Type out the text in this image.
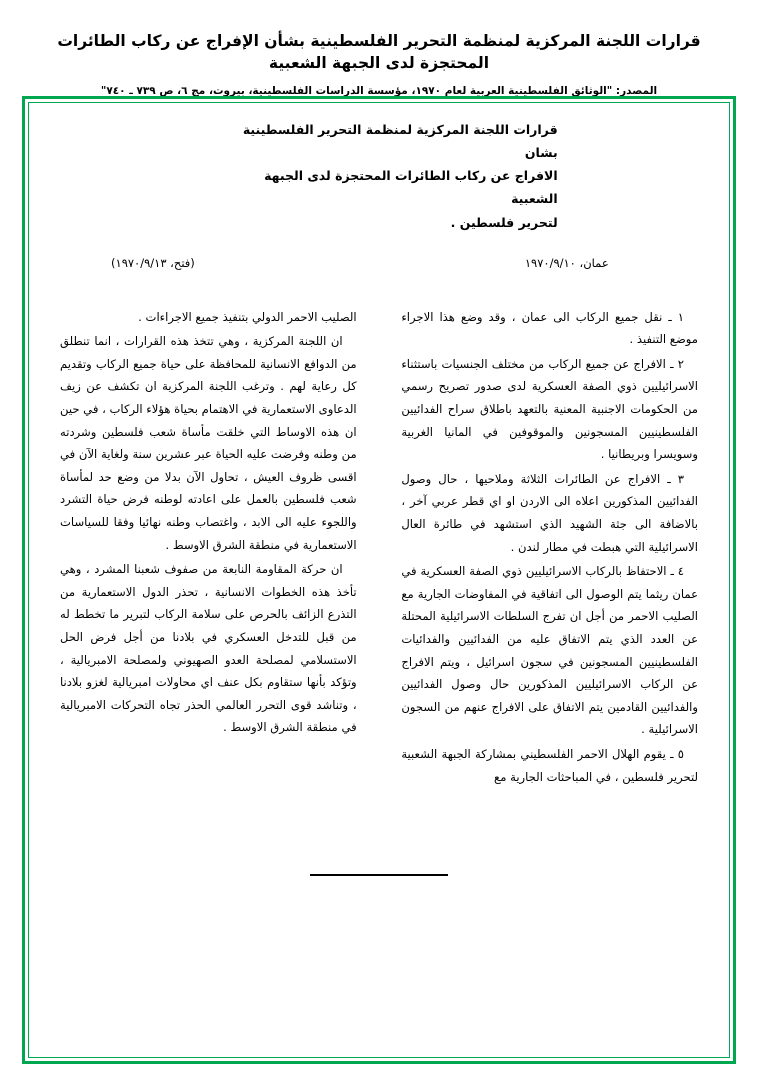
قرارات اللجنة المركزية لمنظمة التحرير الفلسطينية بشأن الإفراج عن ركاب الطائرات المحتجزة لدى الجبهة الشعبية
المصدر: "الوثائق الفلسطينية العربية لعام ١٩٧٠، مؤسسة الدراسات الفلسطينية، بيروت، مج ٦، ص ٧٣٩ ـ ٧٤٠"
قرارات اللجنة المركزية لمنظمة التحرير الفلسطينية بشان
الافراج عن ركاب الطائرات المحتجزة لدى الجبهة الشعبية
لتحرير فلسطين .
عمان، ١٩٧٠/٩/١٠
(فتح، ١٩٧٠/٩/١٣)

١ ـ نقل جميع الركاب الى عمان ، وقد وضع هذا الاجراء موضع التنفيذ .

٢ ـ الافراج عن جميع الركاب من مختلف الجنسيات باستثناء الاسرائيليين ذوي الصفة العسكرية لدى صدور تصريح رسمي من الحكومات الاجنبية المعنية بالتعهد باطلاق سراح الفدائيين الفلسطينيين المسجونين والموقوفين في المانيا الغربية وسويسرا وبريطانيا .

٣ ـ الافراج عن الطائرات الثلاثة وملاحيها ، حال وصول الفدائيين المذكورين اعلاه الى الاردن او اي قطر عربي آخر ، بالاضافة الى جثة الشهيد الذي استشهد في طائرة العال الاسرائيلية التي هبطت في مطار لندن .

٤ ـ الاحتفاظ بالركاب الاسرائيليين ذوي الصفة العسكرية في عمان ريثما يتم الوصول الى اتفاقية في المفاوضات الجارية مع الصليب الاحمر من أجل ان تفرج السلطات الاسرائيلية المحتلة عن العدد الذي يتم الاتفاق عليه من الفدائيين والفدائيات الفلسطينيين المسجونين في سجون اسرائيل ، ويتم الافراج عن الركاب الاسرائيليين المذكورين حال وصول الفدائيين والفدائيين القادمين يتم الاتفاق على الافراج عنهم من السجون الاسرائيلية .

٥ ـ يقوم الهلال الاحمر الفلسطيني بمشاركة الجبهة الشعبية لتحرير فلسطين ، في المباحثات الجارية مع

الصليب الاحمر الدولي بتنفيذ جميع الاجراءات .

ان اللجنة المركزية ، وهي تتخذ هذه القرارات ، انما تنطلق من الدوافع الانسانية للمحافظة على حياة جميع الركاب وتقديم كل رعاية لهم . وترغب اللجنة المركزية ان تكشف عن زيف الدعاوى الاستعمارية في الاهتمام بحياة هؤلاء الركاب ، في حين ان هذه الاوساط التي خلقت مأساة شعب فلسطين وشردته من وطنه وفرضت عليه الحياة عبر عشرين سنة ولغاية الآن في اقسى ظروف العيش ، تحاول الآن بدلا من وضع حد لمأساة شعب فلسطين بالعمل على اعادته لوطنه فرض حياة التشرد واللجوء عليه الى الابد ، واغتصاب وطنه نهائيا وفقا للسياسات الاستعمارية في منطقة الشرق الاوسط .

ان حركة المقاومة النابعة من صفوف شعبنا المشرد ، وهي تأخذ هذه الخطوات الانسانية ، تحذر الدول الاستعمارية من التذرع الزائف بالحرص على سلامة الركاب لتبرير ما تخطط له من قبل للتدخل العسكري في بلادنا من أجل فرض الحل الاستسلامي لمصلحة العدو الصهيوني ولمصلحة الامبريالية ، وتؤكد بأنها ستقاوم بكل عنف اي محاولات امبريالية لغزو بلادنا ، وتناشد قوى التحرر العالمي الحذر تجاه التحركات الامبريالية في منطقة الشرق الاوسط .
